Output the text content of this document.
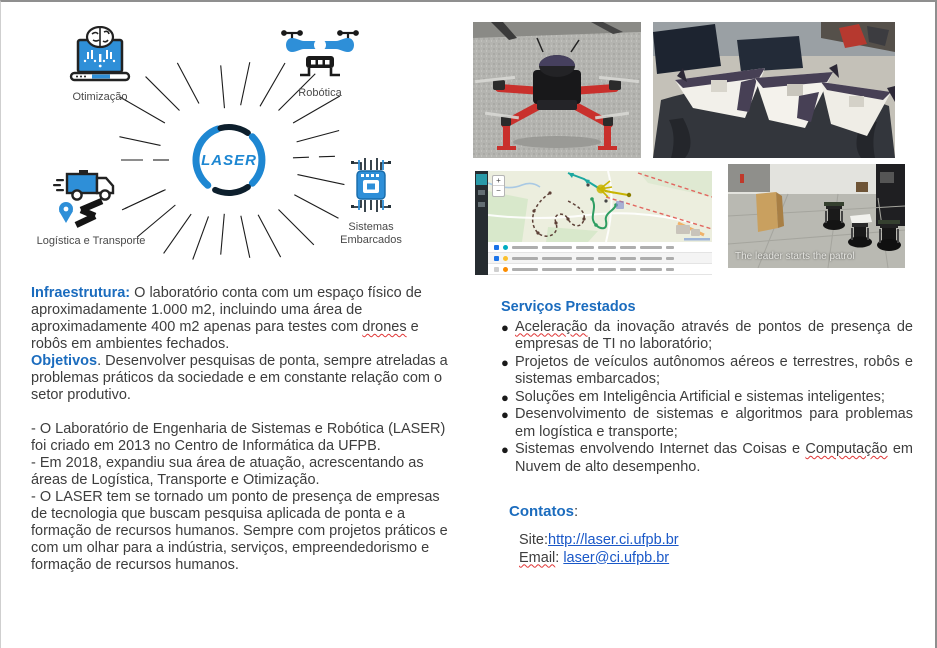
LASER
Otimização	Robótica
Logística e Transporte
Sistemas
Embarcados
+
−
The leader starts the patrol
Infraestrutura: O laboratório conta com um espaço físico de aproximadamente 1.000 m2, incluindo uma área de aproximadamente 400 m2 apenas para testes com drones e robôs em ambientes fechados.
Objetivos. Desenvolver pesquisas de ponta, sempre atreladas a problemas práticos da sociedade e em constante relação com o setor produtivo.
- O Laboratório de Engenharia de Sistemas e Robótica (LASER) foi criado em 2013 no Centro de Informática da UFPB.
- Em 2018, expandiu sua área de atuação, acrescentando as áreas de Logística, Transporte e Otimização.
- O LASER tem se tornado um ponto de presença de empresas de tecnologia que buscam pesquisa aplicada de ponta e a formação de recursos humanos. Sempre com projetos práticos e com um olhar para a indústria, serviços, empreendedorismo e formação de recursos humanos.
Serviços Prestados
● Aceleração da inovação através de pontos de presença de empresas de TI no laboratório;
● Projetos de veículos autônomos aéreos e terrestres, robôs e sistemas embarcados;
● Soluções em Inteligência Artificial e sistemas inteligentes;
● Desenvolvimento de sistemas e algoritmos para problemas em logística e transporte;
● Sistemas envolvendo Internet das Coisas e Computação em Nuvem de alto desempenho.
Contatos:
Site:http://laser.ci.ufpb.br
Email: laser@ci.ufpb.br
